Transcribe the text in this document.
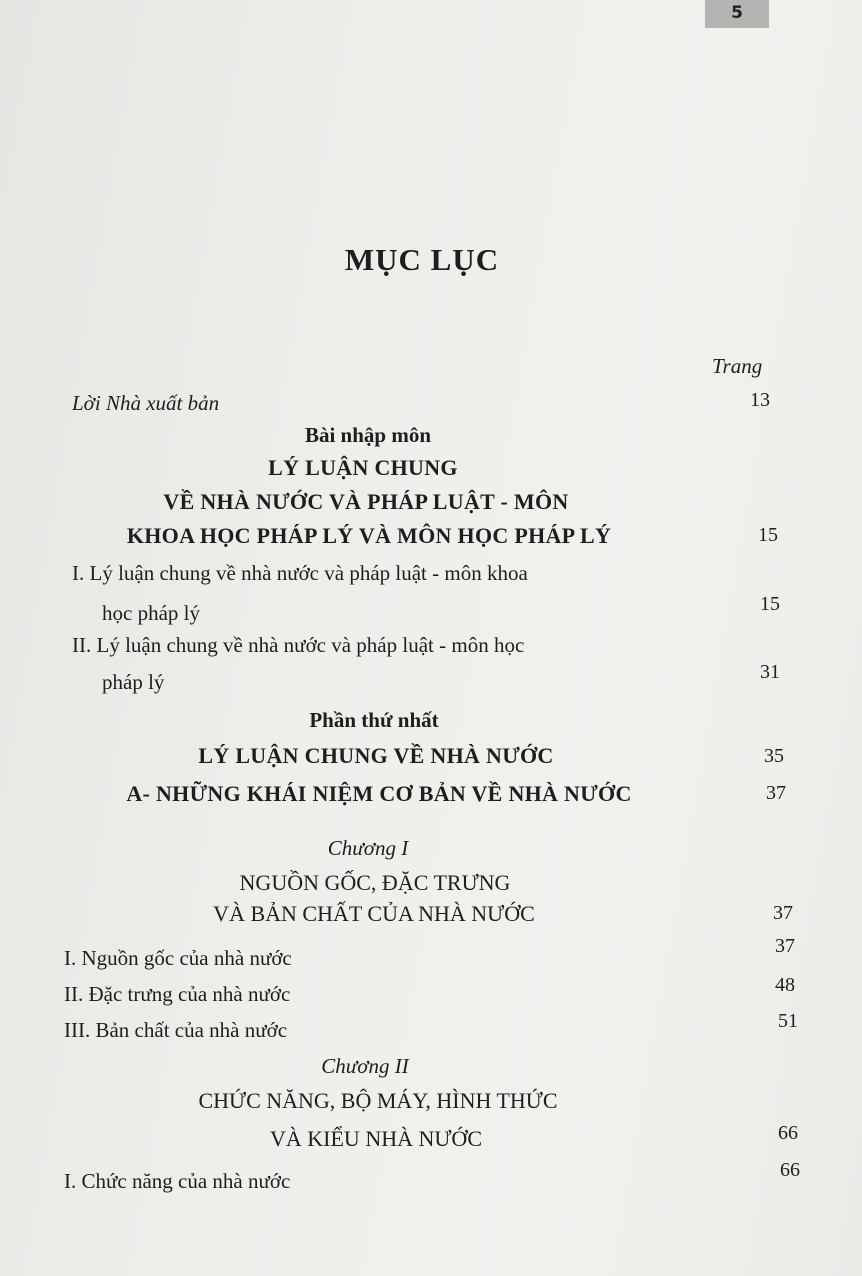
5
MỤC LỤC
Trang
Lời Nhà xuất bản	13
Bài nhập môn
LÝ LUẬN CHUNG
VỀ NHÀ NƯỚC VÀ PHÁP LUẬT - MÔN
KHOA HỌC PHÁP LÝ VÀ MÔN HỌC PHÁP LÝ	15
I. Lý luận chung về nhà nước và pháp luật - môn khoa
học pháp lý	15
II. Lý luận chung về nhà nước và pháp luật - môn học
pháp lý	31
Phần thứ nhất
LÝ LUẬN CHUNG VỀ NHÀ NƯỚC	35
A- NHỮNG KHÁI NIỆM CƠ BẢN VỀ NHÀ NƯỚC	37
Chương I
NGUỒN GỐC, ĐẶC TRƯNG
VÀ BẢN CHẤT CỦA NHÀ NƯỚC	37
I. Nguồn gốc của nhà nước	37
II. Đặc trưng của nhà nước	48
III. Bản chất của nhà nước	51
Chương II
CHỨC NĂNG, BỘ MÁY, HÌNH THỨC
VÀ KIỂU NHÀ NƯỚC	66
I. Chức năng của nhà nước	66
